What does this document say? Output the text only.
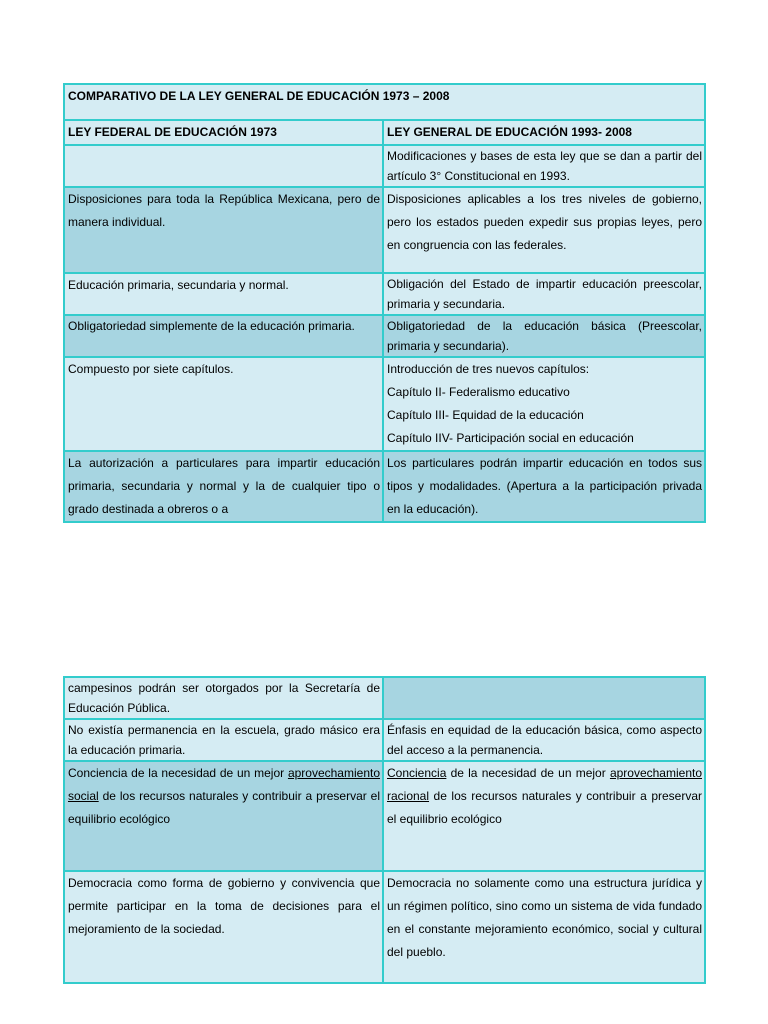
COMPARATIVO DE LA LEY GENERAL DE EDUCACIÓN 1973 – 2008	
LEY FEDERAL DE EDUCACIÓN 1973	LEY GENERAL DE EDUCACIÓN 1993- 2008
	Modificaciones y bases de esta ley que se dan a partir del artículo 3° Constitucional en 1993.
Disposiciones para toda la República Mexicana, pero de manera individual.	Disposiciones aplicables a los tres niveles de gobierno, pero los estados pueden expedir sus propias leyes, pero en congruencia con las federales.
Educación primaria, secundaria y normal.	Obligación del Estado de impartir educación preescolar, primaria y secundaria.
Obligatoriedad simplemente de la educación primaria.	Obligatoriedad de la educación básica (Preescolar, primaria y secundaria).
Compuesto por siete capítulos.	Introducción de tres nuevos capítulos:
Capítulo II- Federalismo educativo
Capítulo III- Equidad de la educación
Capítulo IIV- Participación social en educación

La autorización a particulares para impartir educación primaria, secundaria y normal y la de cualquier tipo o grado destinada a obreros o a	Los particulares podrán impartir educación en todos sus tipos y modalidades. (Apertura a la participación privada en la educación).
campesinos podrán ser otorgados por la Secretaría de Educación Pública.	
No existía permanencia en la escuela, grado másico era la educación primaria.	Énfasis en equidad de la educación básica, como aspecto del acceso a la permanencia.
Conciencia de la necesidad de un mejor aprovechamiento social de los recursos naturales y contribuir a preservar el equilibrio ecológico	Conciencia de la necesidad de un mejor aprovechamiento racional de los recursos naturales y contribuir a preservar el equilibrio ecológico
Democracia como forma de gobierno y convivencia que permite participar en la toma de decisiones para el mejoramiento de la sociedad.	Democracia no solamente como una estructura jurídica y un régimen político, sino como un sistema de vida fundado en el constante mejoramiento económico, social y cultural del pueblo.
